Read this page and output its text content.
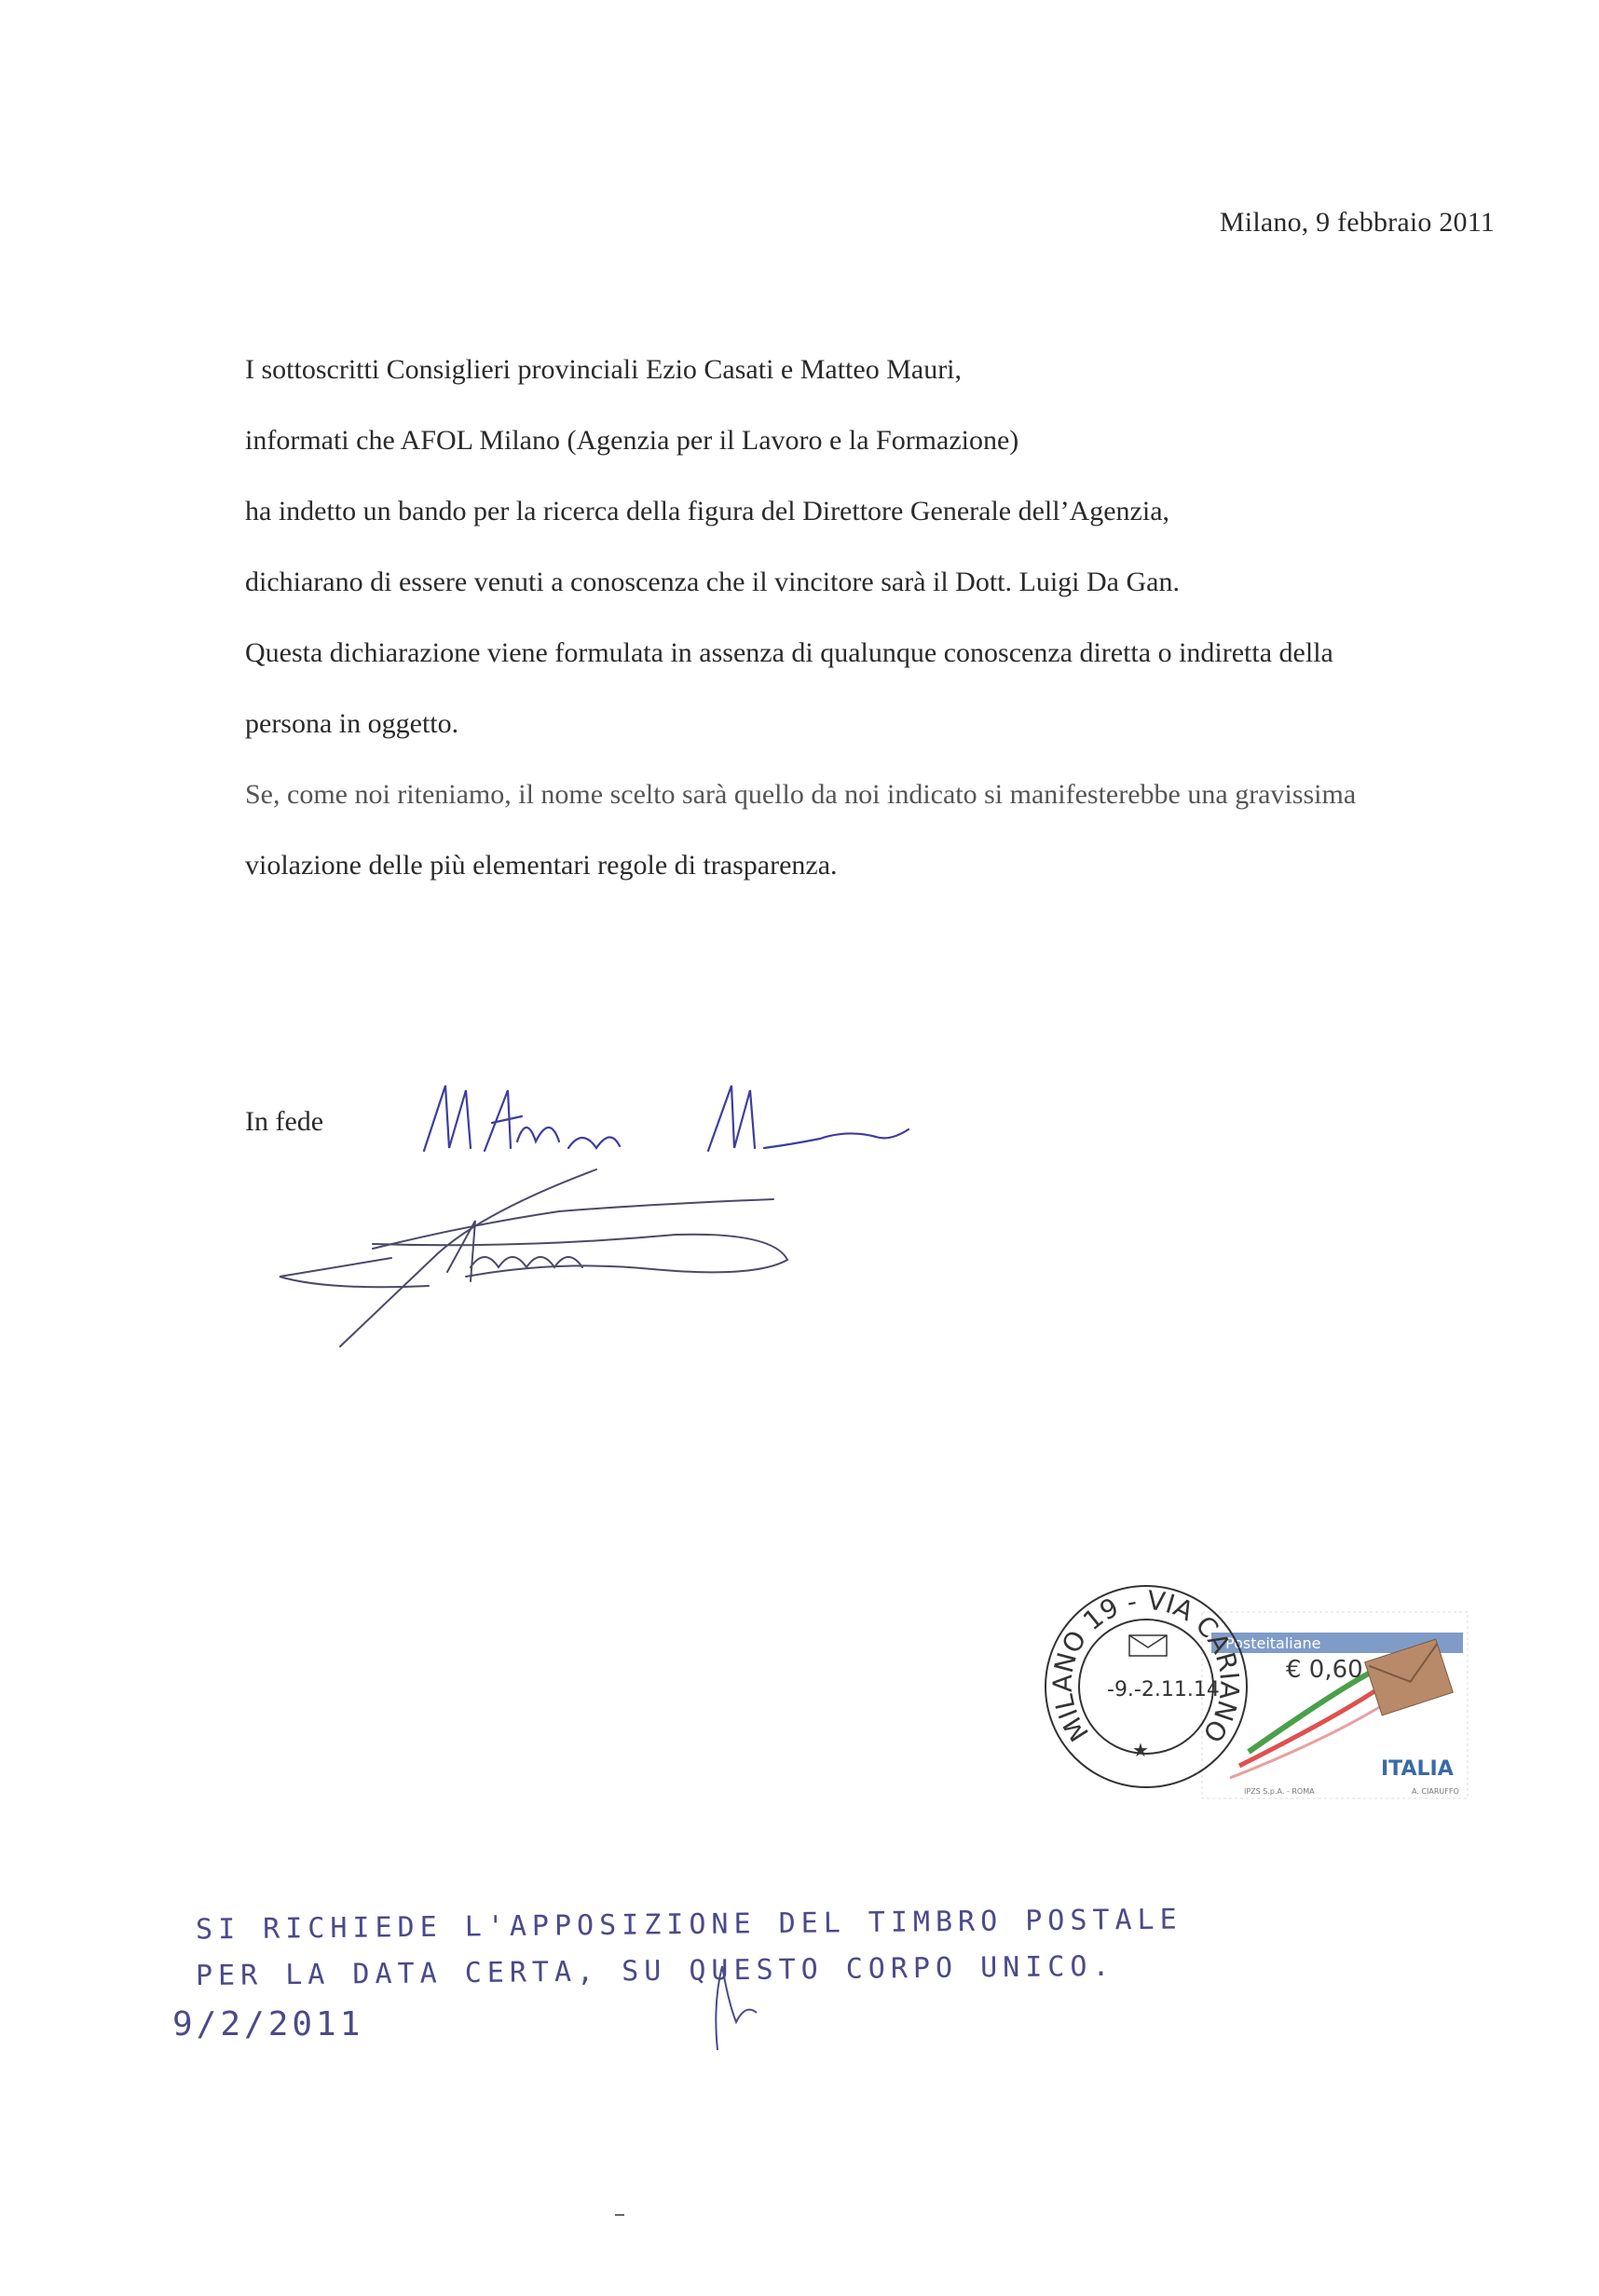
Milano, 9 febbraio 2011
I sottoscritti Consiglieri provinciali Ezio Casati e Matteo Mauri,
informati che AFOL Milano (Agenzia per il Lavoro e la Formazione)
ha indetto un bando per la ricerca della figura del Direttore Generale dell’Agenzia,
dichiarano di essere venuti a conoscenza che il vincitore sarà il Dott. Luigi Da Gan.
Questa dichiarazione viene formulata in assenza di qualunque conoscenza diretta o indiretta della
persona in oggetto.
Se, come noi riteniamo, il nome scelto sarà quello da noi indicato si manifesterebbe una gravissima
violazione delle più elementari regole di trasparenza.
In fede
Posteitaliane
€ 0,60
ITALIA
IPZS S.p.A. - ROMA	A. CIARUFFO
MILANO 19 - VIA CARIANO
-9.-2.11.14
★
SI RICHIEDE L'APPOSIZIONE DEL TIMBRO POSTALE
PER LA DATA CERTA, SU QUESTO CORPO UNICO.
9/2/2011
